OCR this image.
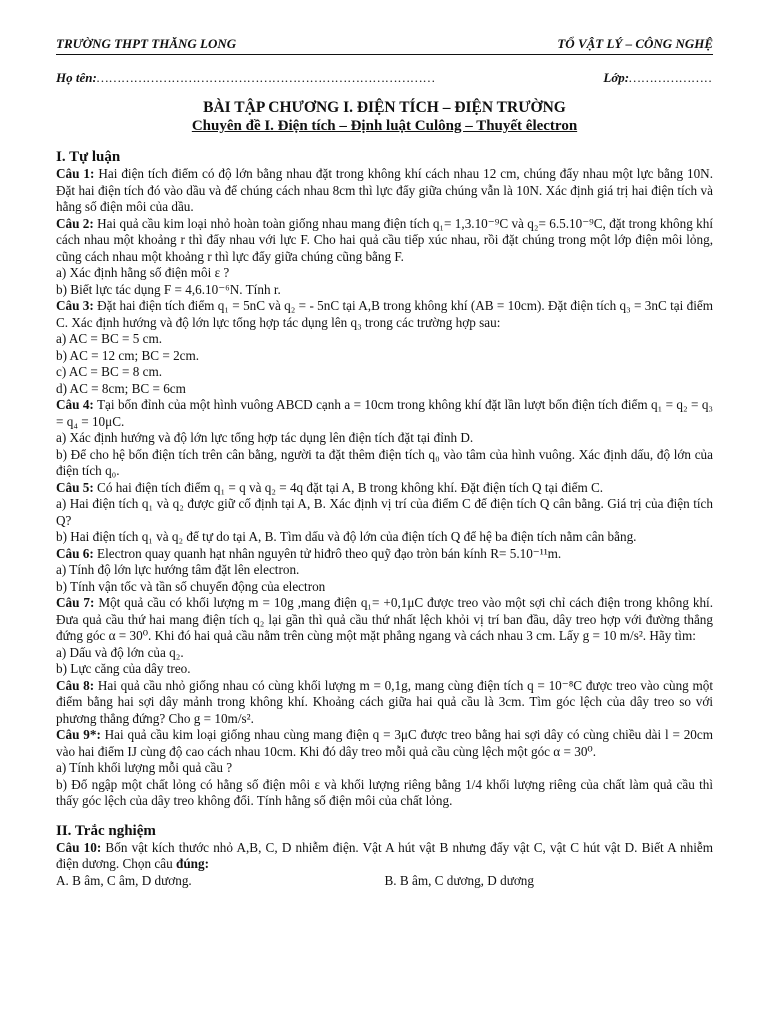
TRƯỜNG THPT THĂNG LONG	TỔ VẬT LÝ – CÔNG NGHỆ
Họ tên:………………………………………………………………………	Lớp:………………..
BÀI TẬP CHƯƠNG I. ĐIỆN TÍCH – ĐIỆN TRƯỜNG
Chuyên đề I. Điện tích – Định luật Culông – Thuyết êlectron
I. Tự luận

Câu 1: Hai điện tích điểm có độ lớn bằng nhau đặt trong không khí cách nhau 12 cm, chúng đẩy nhau một lực bằng 10N. Đặt hai điện tích đó vào dầu và để chúng cách nhau 8cm thì lực đẩy giữa chúng vẫn là 10N. Xác định giá trị hai điện tích và hằng số điện môi của dầu.

Câu 2: Hai quả cầu kim loại nhỏ hoàn toàn giống nhau mang điện tích q₁= 1,3.10⁻⁹C và q₂= 6.5.10⁻⁹C, đặt trong không khí cách nhau một khoảng r thì đẩy nhau với lực F. Cho hai quả cầu tiếp xúc nhau, rồi đặt chúng trong một lớp điện môi lỏng, cũng cách nhau một khoảng r thì lực đẩy giữa chúng cũng bằng F.

a) Xác định hằng số điện môi ε ?

b) Biết lực tác dụng F = 4,6.10⁻⁶N. Tính r.

Câu 3: Đặt hai điện tích điểm q₁ = 5nC và q₂ = - 5nC tại A,B trong không khí (AB = 10cm). Đặt điện tích q₃ = 3nC tại điểm C. Xác định hướng và độ lớn lực tổng hợp tác dụng lên q₃ trong các trường hợp sau:

a) AC = BC = 5 cm.

b) AC = 12 cm; BC = 2cm.

c) AC = BC = 8 cm.

d) AC = 8cm; BC = 6cm

Câu 4: Tại bốn đỉnh của một hình vuông ABCD cạnh a = 10cm trong không khí đặt lần lượt bốn điện tích điểm q₁ = q₂ = q₃ = q₄ = 10μC.

a) Xác định hướng và độ lớn lực tổng hợp tác dụng lên điện tích đặt tại đỉnh D.

b) Để cho hệ bốn điện tích trên cân bằng, người ta đặt thêm điện tích q₀ vào tâm của hình vuông. Xác định dấu, độ lớn của điện tích q₀.

Câu 5: Có hai điện tích điểm q₁ = q và q₂ = 4q đặt tại A, B trong không khí. Đặt điện tích Q tại điểm C.

a) Hai điện tích q₁ và q₂ được giữ cố định tại A, B. Xác định vị trí của điểm C để điện tích Q cân bằng. Giá trị của điện tích Q?

b) Hai điện tích q₁ và q₂ để tự do tại A, B. Tìm dấu và độ lớn của điện tích Q để hệ ba điện tích nằm cân bằng.

Câu 6: Electron quay quanh hạt nhân nguyên tử hiđrô theo quỹ đạo tròn bán kính R= 5.10⁻¹¹m.

a) Tính độ lớn lực hướng tâm đặt lên electron.

b) Tính vận tốc và tần số chuyển động của electron

Câu 7: Một quả cầu có khối lượng m = 10g ,mang điện q₁= +0,1μC được treo vào một sợi chỉ cách điện trong không khí. Đưa quả cầu thứ hai mang điện tích q₂ lại gần thì quả cầu thứ nhất lệch khỏi vị trí ban đầu, dây treo hợp với đường thẳng đứng góc α = 30⁰. Khi đó hai quả cầu nằm trên cùng một mặt phẳng ngang và cách nhau 3 cm. Lấy g = 10 m/s². Hãy tìm:

a) Dấu và độ lớn của q₂.

b) Lực căng của dây treo.

Câu 8: Hai quả cầu nhỏ giống nhau có cùng khối lượng m = 0,1g, mang cùng điện tích q = 10⁻⁸C được treo vào cùng một điểm bằng hai sợi dây mảnh trong không khí. Khoảng cách giữa hai quả cầu là 3cm. Tìm góc lệch của dây treo so với phương thẳng đứng? Cho g = 10m/s².

Câu 9*: Hai quả cầu kim loại giống nhau cùng mang điện q = 3μC được treo bằng hai sợi dây có cùng chiều dài l = 20cm vào hai điểm IJ cùng độ cao cách nhau 10cm. Khi đó dây treo mỗi quả cầu cùng lệch một góc α = 30⁰.

a) Tính khối lượng mỗi quả cầu ?

b) Đổ ngập một chất lỏng có hằng số điện môi ε và khối lượng riêng bằng 1/4 khối lượng riêng của chất làm quả cầu thì thấy góc lệch của dây treo không đổi. Tính hằng số điện môi của chất lỏng.

II. Trắc nghiệm

Câu 10: Bốn vật kích thước nhỏ A,B, C, D nhiễm điện. Vật A hút vật B nhưng đẩy vật C, vật C hút vật D. Biết A nhiễm điện dương. Chọn câu đúng:

A. B âm, C âm, D dương.	B. B âm, C dương, D dương
